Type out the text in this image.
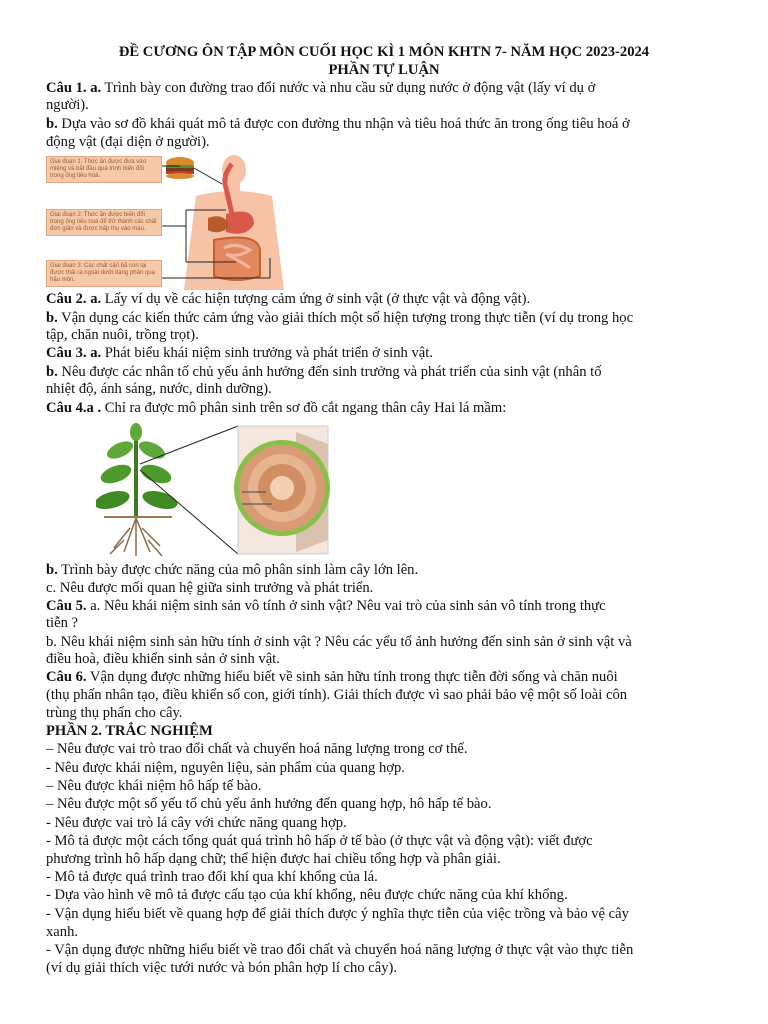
ĐỀ CƯƠNG ÔN TẬP MÔN CUỐI HỌC KÌ 1 MÔN KHTN 7- NĂM HỌC 2023-2024
PHẦN TỰ LUẬN
Câu 1. a. Trình bày con đường trao đổi nước và nhu cầu sử dụng nước ở động vật (lấy ví dụ ở
người).
b. Dựa vào sơ đồ khái quát mô tả được con đường thu nhận và tiêu hoá thức ăn trong ống tiêu hoá ở
động vật (đại diện ở người).
Giai đoạn 1: Thức ăn được đưa vào miệng và bắt đầu quá trình biến đổi trong ống tiêu hoá.
Giai đoạn 2: Thức ăn được biến đổi trong ống tiêu hoá để trở thành các chất đơn giản và được hấp thụ vào máu.
Giai đoạn 3: Các chất cặn bã còn lại được thải ra ngoài dưới dạng phân qua hậu môn.
Câu 2. a. Lấy ví dụ về các hiện tượng cảm ứng ở sinh vật (ở thực vật và động vật).
b. Vận dụng các kiến thức cảm ứng vào giải thích một số hiện tượng trong thực tiễn (ví dụ trong học
tập, chăn nuôi, trồng trọt).
Câu 3. a. Phát biểu khái niệm sinh trưởng và phát triển ở sinh vật.
b. Nêu được các nhân tố chủ yếu ảnh hưởng đến sinh trưởng và phát triển của sinh vật (nhân tố
nhiệt độ, ánh sáng, nước, dinh dưỡng).
Câu 4.a . Chỉ ra được mô phân sinh trên sơ đồ cắt ngang thân cây Hai lá mầm:
b. Trình bày được chức năng của mô phân sinh làm cây lớn lên.
c. Nêu được mối quan hệ giữa sinh trưởng và phát triển.
Câu 5. a. Nêu khái niệm sinh sản vô tính ở sinh vật? Nêu vai trò của sinh sản vô tính trong thực
tiễn ?
b. Nêu khái niệm sinh sản hữu tính ở sinh vật ? Nêu các yếu tố ảnh hưởng đến sinh sản ở sinh vật và
điều hoà, điều khiển sinh sản ở sinh vật.
Câu 6. Vận dụng được những hiểu biết về sinh sản hữu tính trong thực tiễn đời sống và chăn nuôi
(thụ phấn nhân tạo, điều khiển số con, giới tính). Giải thích được vì sao phải bảo vệ một số loài côn
trùng thụ phấn cho cây.
PHẦN 2. TRẮC NGHIỆM
– Nêu được vai trò trao đổi chất và chuyển hoá năng lượng trong cơ thể.
- Nêu được khái niệm, nguyên liệu, sản phẩm của quang hợp.
– Nêu được khái niệm hô hấp tế bào.
– Nêu được một số yếu tố chủ yếu ảnh hưởng đến quang hợp, hô hấp tế bào.
- Nêu được vai trò lá cây với chức năng quang hợp.
- Mô tả được một cách tổng quát quá trình hô hấp ở tế bào (ở thực vật và động vật): viết được
phương trình hô hấp dạng chữ; thể hiện được hai chiều tổng hợp và phân giải.
- Mô tả được quá trình trao đổi khí qua khí khổng của lá.
- Dựa vào hình vẽ mô tả được cấu tạo của khí khổng, nêu được chức năng của khí khổng.
- Vận dụng hiểu biết về quang hợp để giải thích được ý nghĩa thực tiễn của việc trồng và bảo vệ cây
xanh.
- Vận dụng được những hiểu biết về trao đổi chất và chuyển hoá năng lượng ở thực vật vào thực tiễn
(ví dụ giải thích việc tưới nước và bón phân hợp lí cho cây).
